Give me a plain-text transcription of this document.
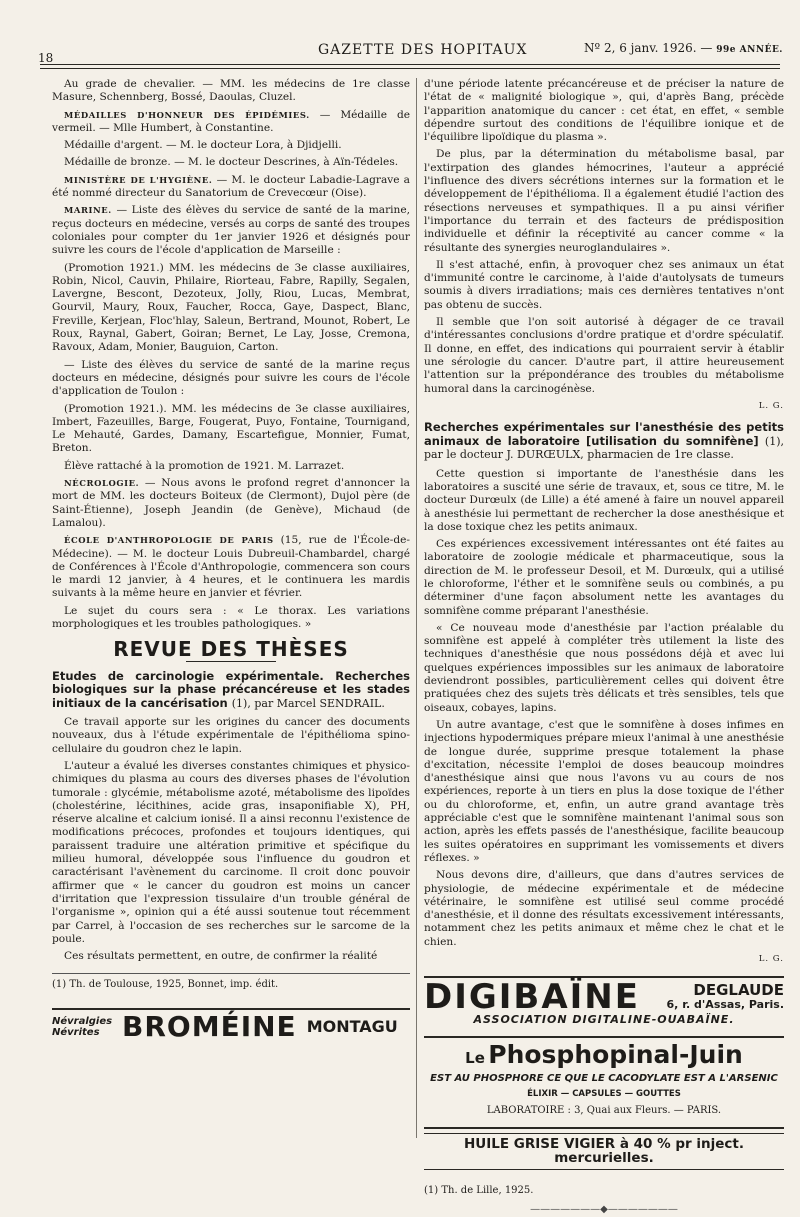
18	GAZETTE DES HOPITAUX	Nº 2, 6 janv. 1926. — 99e ANNÉE.

Au grade de chevalier. — MM. les médecins de 1re classe Masure, Schennberg, Bossé, Daoulas, Cluzel.

MÉDAILLES D'HONNEUR DES ÉPIDÉMIES. — Médaille de vermeil. — Mlle Humbert, à Constantine.

Médaille d'argent. — M. le docteur Lora, à Djidjelli.

Médaille de bronze. — M. le docteur Descrines, à Aïn-Tédeles.

MINISTÈRE DE L'HYGIÈNE. — M. le docteur Labadie-Lagrave a été nommé directeur du Sanatorium de Crevecœur (Oise).

MARINE. — Liste des élèves du service de santé de la marine, reçus docteurs en médecine, versés au corps de santé des troupes coloniales pour compter du 1er janvier 1926 et désignés pour suivre les cours de l'école d'application de Marseille :

(Promotion 1921.) MM. les médecins de 3e classe auxiliaires, Robin, Nicol, Cauvin, Philaire, Riorteau, Fabre, Rapilly, Segalen, Lavergne, Bescont, Dezoteux, Jolly, Riou, Lucas, Membrat, Gourvil, Maury, Roux, Faucher, Rocca, Gaye, Daspect, Blanc, Freville, Kerjean, Floc'hlay, Saleun, Bertrand, Mounot, Robert, Le Roux, Raynal, Gabert, Goiran; Bernet, Le Lay, Josse, Cremona, Ravoux, Adam, Monier, Bauguion, Carton.

— Liste des élèves du service de santé de la marine reçus docteurs en médecine, désignés pour suivre les cours de l'école d'application de Toulon :

(Promotion 1921.). MM. les médecins de 3e classe auxiliaires, Imbert, Fazeuilles, Barge, Fougerat, Puyo, Fontaine, Tournigand, Le Mehauté, Gardes, Damany, Escartefigue, Monnier, Fumat, Breton.

Élève rattaché à la promotion de 1921. M. Larrazet.

NÉCROLOGIE. — Nous avons le profond regret d'annoncer la mort de MM. les docteurs Boiteux (de Clermont), Dujol père (de Saint-Étienne), Joseph Jeandin (de Genève), Michaud (de Lamalou).

ÉCOLE D'ANTHROPOLOGIE DE PARIS (15, rue de l'École-de-Médecine). — M. le docteur Louis Dubreuil-Chambardel, chargé de Conférences à l'École d'Anthropologie, commencera son cours le mardi 12 janvier, à 4 heures, et le continuera les mardis suivants à la même heure en janvier et février.

Le sujet du cours sera : « Le thorax. Les variations morphologiques et les troubles pathologiques. »

REVUE DES THÈSES
Etudes de carcinologie expérimentale. Recherches biologiques sur la phase précancéreuse et les stades initiaux de la cancérisation (1), par Marcel SENDRAIL.

Ce travail apporte sur les origines du cancer des documents nouveaux, dus à l'étude expérimentale de l'épithélioma spino-cellulaire du goudron chez le lapin.

L'auteur a évalué les diverses constantes chimiques et physico-chimiques du plasma au cours des diverses phases de l'évolution tumorale : glycémie, métabolisme azoté, métabolisme des lipoïdes (cholestérine, lécithines, acide gras, insaponifiable X), PH, réserve alcaline et calcium ionisé. Il a ainsi reconnu l'existence de modifications précoces, profondes et toujours identiques, qui paraissent traduire une altération primitive et spécifique du milieu humoral, développée sous l'influence du goudron et caractérisant l'avènement du carcinome. Il croit donc pouvoir affirmer que « le cancer du goudron est moins un cancer d'irritation que l'expression tissulaire d'un trouble général de l'organisme », opinion qui a été aussi soutenue tout récemment par Carrel, à l'occasion de ses recherches sur le sarcome de la poule.

Ces résultats permettent, en outre, de confirmer la réalité

(1) Th. de Toulouse, 1925, Bonnet, imp. édit.
Névralgies
Névrites BROMÉINE MONTAGU

d'une période latente précancéreuse et de préciser la nature de l'état de « malignité biologique », qui, d'après Bang, précède l'apparition anatomique du cancer : cet état, en effet, « semble dépendre surtout des conditions de l'équilibre ionique et de l'équilibre lipoïdique du plasma ».

De plus, par la détermination du métabolisme basal, par l'extirpation des glandes hémocrines, l'auteur a apprécié l'influence des divers sécrétions internes sur la formation et le développement de l'épithélioma. Il a également étudié l'action des résections nerveuses et sympathiques. Il a pu ainsi vérifier l'importance du terrain et des facteurs de prédisposition individuelle et définir la réceptivité au cancer comme « la résultante des synergies neuroglandulaires ».

Il s'est attaché, enfin, à provoquer chez ses animaux un état d'immunité contre le carcinome, à l'aide d'autolysats de tumeurs soumis à divers irradiations; mais ces dernières tentatives n'ont pas obtenu de succès.

Il semble que l'on soit autorisé à dégager de ce travail d'intéressantes conclusions d'ordre pratique et d'ordre spéculatif. Il donne, en effet, des indications qui pourraient servir à établir une sérologie du cancer. D'autre part, il attire heureusement l'attention sur la prépondérance des troubles du métabolisme humoral dans la carcinogénèse.

L. G.
Recherches expérimentales sur l'anesthésie des petits animaux de laboratoire [utilisation du somnifène] (1), par le docteur J. DURŒULX, pharmacien de 1re classe.

Cette question si importante de l'anesthésie dans les laboratoires a suscité une série de travaux, et, sous ce titre, M. le docteur Durœulx (de Lille) a été amené à faire un nouvel appareil à anesthésie lui permettant de rechercher la dose anesthésique et la dose toxique chez les petits animaux.

Ces expériences excessivement intéressantes ont été faites au laboratoire de zoologie médicale et pharmaceutique, sous la direction de M. le professeur Desoil, et M. Durœulx, qui a utilisé le chloroforme, l'éther et le somnifène seuls ou combinés, a pu déterminer d'une façon absolument nette les avantages du somnifène comme préparant l'anesthésie.

« Ce nouveau mode d'anesthésie par l'action préalable du somnifène est appelé à compléter très utilement la liste des techniques d'anesthésie que nous possédons déjà et avec lui quelques expériences impossibles sur les animaux de laboratoire deviendront possibles, particulièrement celles qui doivent être pratiquées chez des sujets très délicats et très sensibles, tels que oiseaux, cobayes, lapins.

Un autre avantage, c'est que le somnifène à doses infimes en injections hypodermiques prépare mieux l'animal à une anesthésie de longue durée, supprime presque totalement la phase d'excitation, nécessite l'emploi de doses beaucoup moindres d'anesthésique ainsi que nous l'avons vu au cours de nos expériences, reporte à un tiers en plus la dose toxique de l'éther ou du chloroforme, et, enfin, un autre grand avantage très appréciable c'est que le somnifène maintenant l'animal sous son action, après les effets passés de l'anesthésique, facilite beaucoup les suites opératoires en supprimant les vomissements et divers réflexes. »

Nous devons dire, d'ailleurs, que dans d'autres services de physiologie, de médecine expérimentale et de médecine vétérinaire, le somnifène est utilisé seul comme procédé d'anesthésie, et il donne des résultats excessivement intéressants, notamment chez les petits animaux et même chez le chat et le chien.

L. G.
DIGIBAÏNE	DEGLAUDE
6, r. d'Assas, Paris.
ASSOCIATION DIGITALINE-OUABAÏNE.
Le Phosphopinal-Juin
EST AU PHOSPHORE CE QUE LE CACODYLATE EST A L'ARSENIC
ÉLIXIR — CAPSULES — GOUTTES
LABORATOIRE : 3, Quai aux Fleurs. — PARIS.
HUILE GRISE VIGIER à 40 % pr inject. mercurielles.
(1) Th. de Lille, 1925.
———————◆———————
